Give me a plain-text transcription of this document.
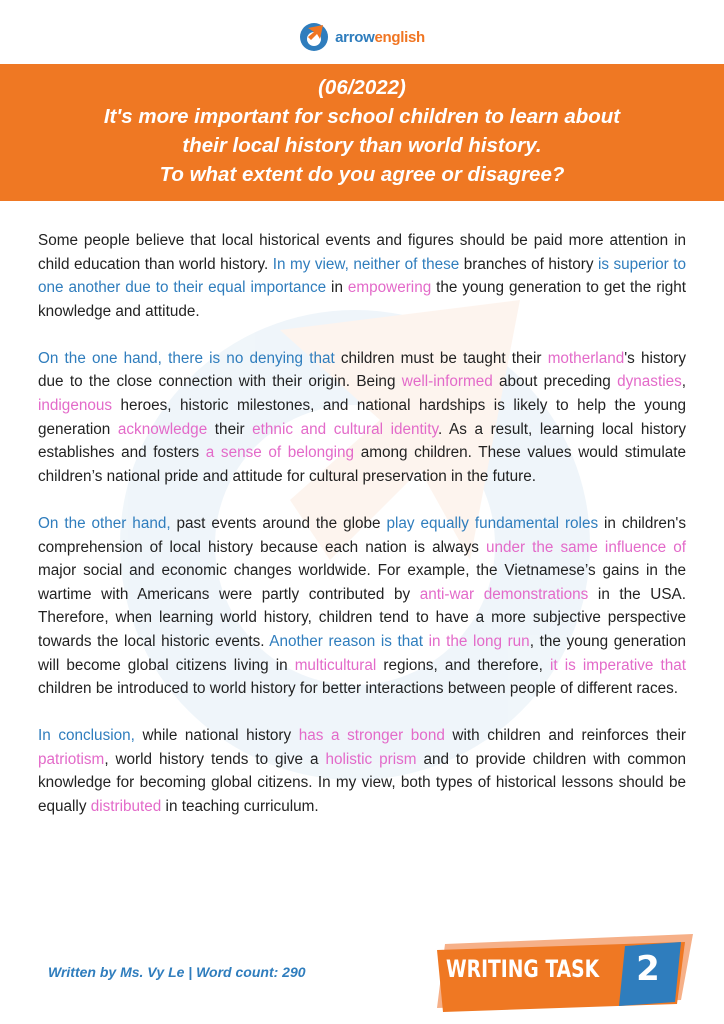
arrowenglish
(06/2022)
It's more important for school children to learn about
their local history than world history.
To what extent do you agree or disagree?

Some people believe that local historical events and figures should be paid more attention in child education than world history. In my view, neither of these branches of history is superior to one another due to their equal importance in empowering the young generation to get the right knowledge and attitude.

On the one hand, there is no denying that children must be taught their motherland's history due to the close connection with their origin. Being well-informed about preceding dynasties, indigenous heroes, historic milestones, and national hardships is likely to help the young generation acknowledge their ethnic and cultural identity. As a result, learning local history establishes and fosters a sense of belonging among children. These values would stimulate children’s national pride and attitude for cultural preservation in the future.

On the other hand, past events around the globe play equally fundamental roles in children's comprehension of local history because each nation is always under the same influence of major social and economic changes worldwide. For example, the Vietnamese’s gains in the wartime with Americans were partly contributed by anti-war demonstrations in the USA. Therefore, when learning world history, children tend to have a more subjective perspective towards the local historic events. Another reason is that in the long run, the young generation will become global citizens living in multicultural regions, and therefore, it is imperative that children be introduced to world history for better interactions between people of different races.

In conclusion, while national history has a stronger bond with children and reinforces their patriotism, world history tends to give a holistic prism and to provide children with common knowledge for becoming global citizens. In my view, both types of historical lessons should be equally distributed in teaching curriculum.

Written by Ms. Vy Le | Word count: 290	WRITING TASK	2
